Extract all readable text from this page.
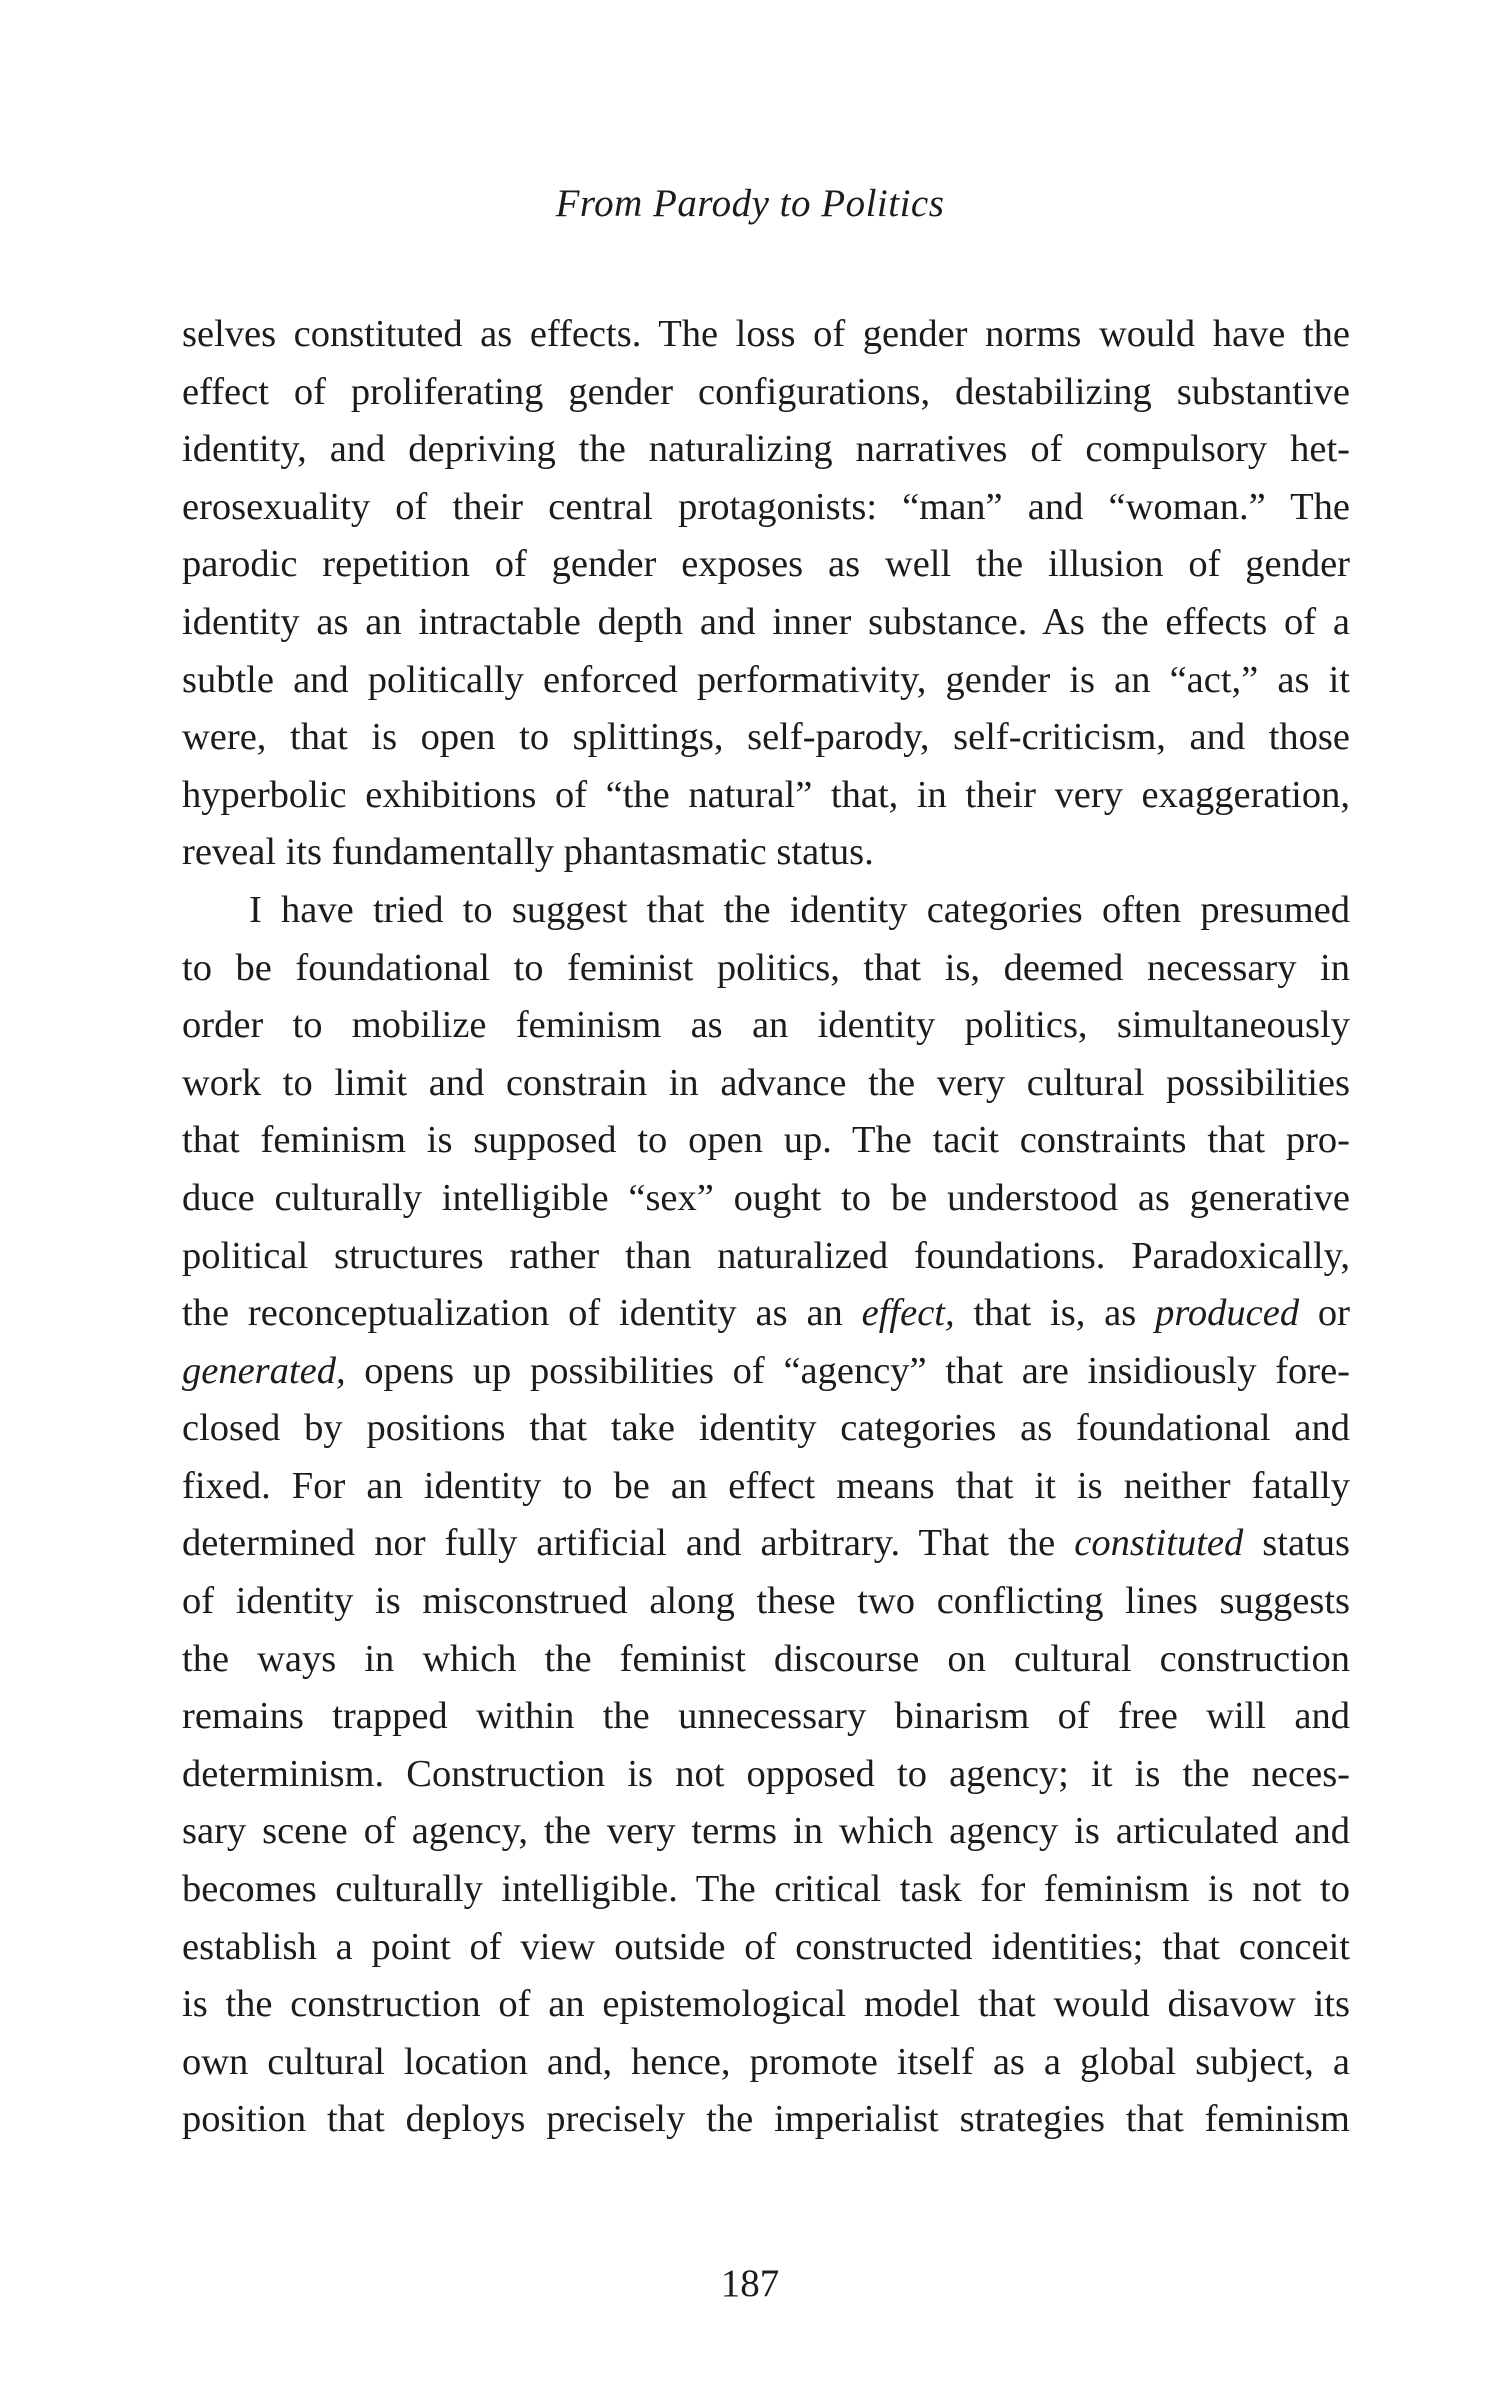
From Parody to Politics
selves constituted as effects. The loss of gender norms would have the
effect of proliferating gender configurations, destabilizing substantive
identity, and depriving the naturalizing narratives of compulsory het-
erosexuality of their central protagonists: “man” and “woman.” The
parodic repetition of gender exposes as well the illusion of gender
identity as an intractable depth and inner substance. As the effects of a
subtle and politically enforced performativity, gender is an “act,” as it
were, that is open to splittings, self-parody, self-criticism, and those
hyperbolic exhibitions of “the natural” that, in their very exaggeration,
reveal its fundamentally phantasmatic status.
I have tried to suggest that the identity categories often presumed
to be foundational to feminist politics, that is, deemed necessary in
order to mobilize feminism as an identity politics, simultaneously
work to limit and constrain in advance the very cultural possibilities
that feminism is supposed to open up. The tacit constraints that pro-
duce culturally intelligible “sex” ought to be understood as generative
political structures rather than naturalized foundations. Paradoxically,
the reconceptualization of identity as an effect, that is, as produced or
generated, opens up possibilities of “agency” that are insidiously fore-
closed by positions that take identity categories as foundational and
fixed. For an identity to be an effect means that it is neither fatally
determined nor fully artificial and arbitrary. That the constituted status
of identity is misconstrued along these two conflicting lines suggests
the ways in which the feminist discourse on cultural construction
remains trapped within the unnecessary binarism of free will and
determinism. Construction is not opposed to agency; it is the neces-
sary scene of agency, the very terms in which agency is articulated and
becomes culturally intelligible. The critical task for feminism is not to
establish a point of view outside of constructed identities; that conceit
is the construction of an epistemological model that would disavow its
own cultural location and, hence, promote itself as a global subject, a
position that deploys precisely the imperialist strategies that feminism
187
